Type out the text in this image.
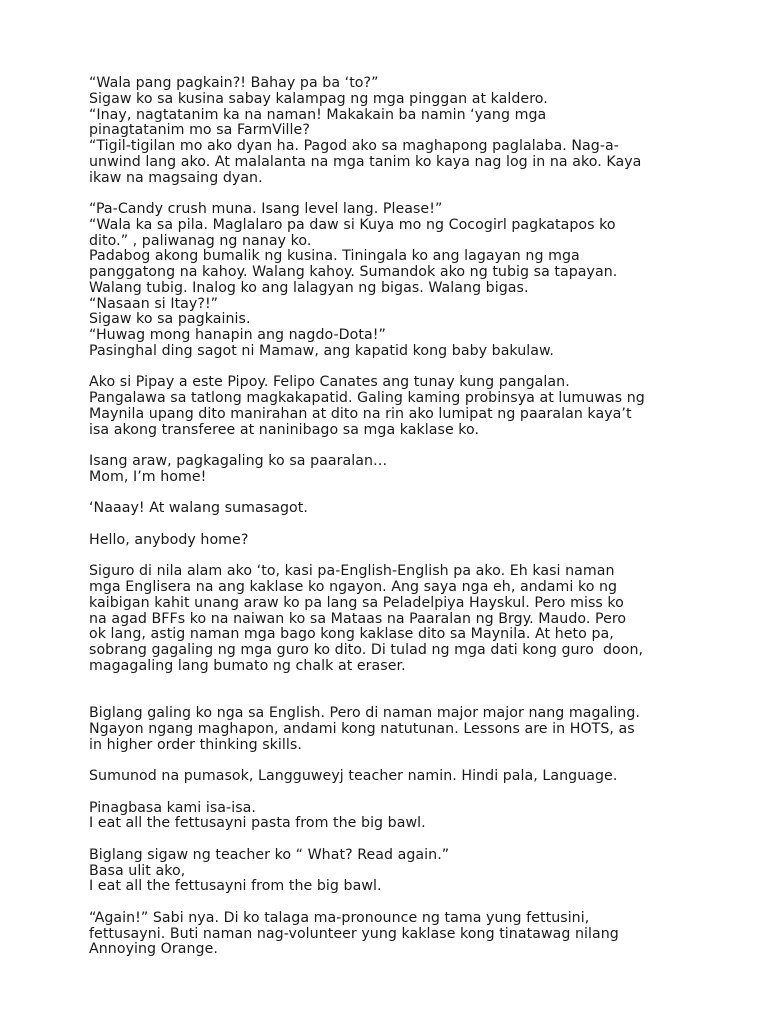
“Wala pang pagkain?! Bahay pa ba ‘to?”
Sigaw ko sa kusina sabay kalampag ng mga pinggan at kaldero.
“Inay, nagtatanim ka na naman! Makakain ba namin ‘yang mga
pinagtatanim mo sa FarmVille?
“Tigil-tigilan mo ako dyan ha. Pagod ako sa maghapong paglalaba. Nag-a-
unwind lang ako. At malalanta na mga tanim ko kaya nag log in na ako. Kaya
ikaw na magsaing dyan.
“Pa-Candy crush muna. Isang level lang. Please!”
“Wala ka sa pila. Maglalaro pa daw si Kuya mo ng Cocogirl pagkatapos ko
dito.” , paliwanag ng nanay ko.
Padabog akong bumalik ng kusina. Tiningala ko ang lagayan ng mga
panggatong na kahoy. Walang kahoy. Sumandok ako ng tubig sa tapayan.
Walang tubig. Inalog ko ang lalagyan ng bigas. Walang bigas.
“Nasaan si Itay?!”
Sigaw ko sa pagkainis.
“Huwag mong hanapin ang nagdo-Dota!”
Pasinghal ding sagot ni Mamaw, ang kapatid kong baby bakulaw.
Ako si Pipay a este Pipoy. Felipo Canates ang tunay kung pangalan.
Pangalawa sa tatlong magkakapatid. Galing kaming probinsya at lumuwas ng
Maynila upang dito manirahan at dito na rin ako lumipat ng paaralan kaya’t
isa akong transferee at naninibago sa mga kaklase ko.
Isang araw, pagkagaling ko sa paaralan…
Mom, I’m home!
‘Naaay! At walang sumasagot.
Hello, anybody home?
Siguro di nila alam ako ‘to, kasi pa-English-English pa ako. Eh kasi naman
mga Englisera na ang kaklase ko ngayon. Ang saya nga eh, andami ko ng
kaibigan kahit unang araw ko pa lang sa Peladelpiya Hayskul. Pero miss ko
na agad BFFs ko na naiwan ko sa Mataas na Paaralan ng Brgy. Maudo. Pero
ok lang, astig naman mga bago kong kaklase dito sa Maynila. At heto pa,
sobrang gagaling ng mga guro ko dito. Di tulad ng mga dati kong guro  doon,
magagaling lang bumato ng chalk at eraser.
Biglang galing ko nga sa English. Pero di naman major major nang magaling.
Ngayon ngang maghapon, andami kong natutunan. Lessons are in HOTS, as
in higher order thinking skills.
Sumunod na pumasok, Langguweyj teacher namin. Hindi pala, Language.
Pinagbasa kami isa-isa.
I eat all the fettusayni pasta from the big bawl.
Biglang sigaw ng teacher ko “ What? Read again.”
Basa ulit ako,
I eat all the fettusayni from the big bawl.
“Again!” Sabi nya. Di ko talaga ma-pronounce ng tama yung fettusini,
fettusayni. Buti naman nag-volunteer yung kaklase kong tinatawag nilang
Annoying Orange.
